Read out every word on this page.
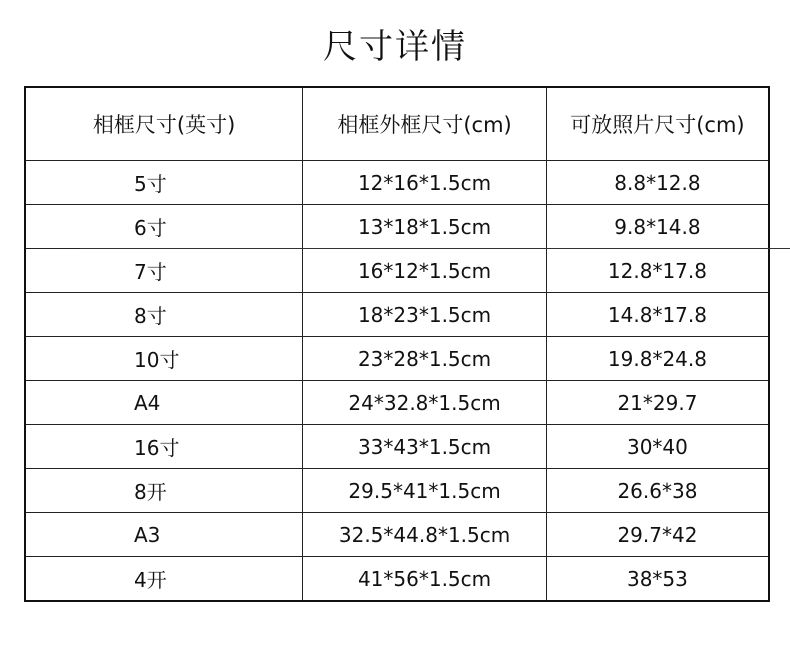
尺寸详情
相框尺寸(英寸)	相框外框尺寸(cm)	可放照片尺寸(cm)
5寸	12*16*1.5cm	8.8*12.8
6寸	13*18*1.5cm	9.8*14.8
7寸	16*12*1.5cm	12.8*17.8
8寸	18*23*1.5cm	14.8*17.8
10寸	23*28*1.5cm	19.8*24.8
A4	24*32.8*1.5cm	21*29.7
16寸	33*43*1.5cm	30*40
8开	29.5*41*1.5cm	26.6*38
A3	32.5*44.8*1.5cm	29.7*42
4开	41*56*1.5cm	38*53
